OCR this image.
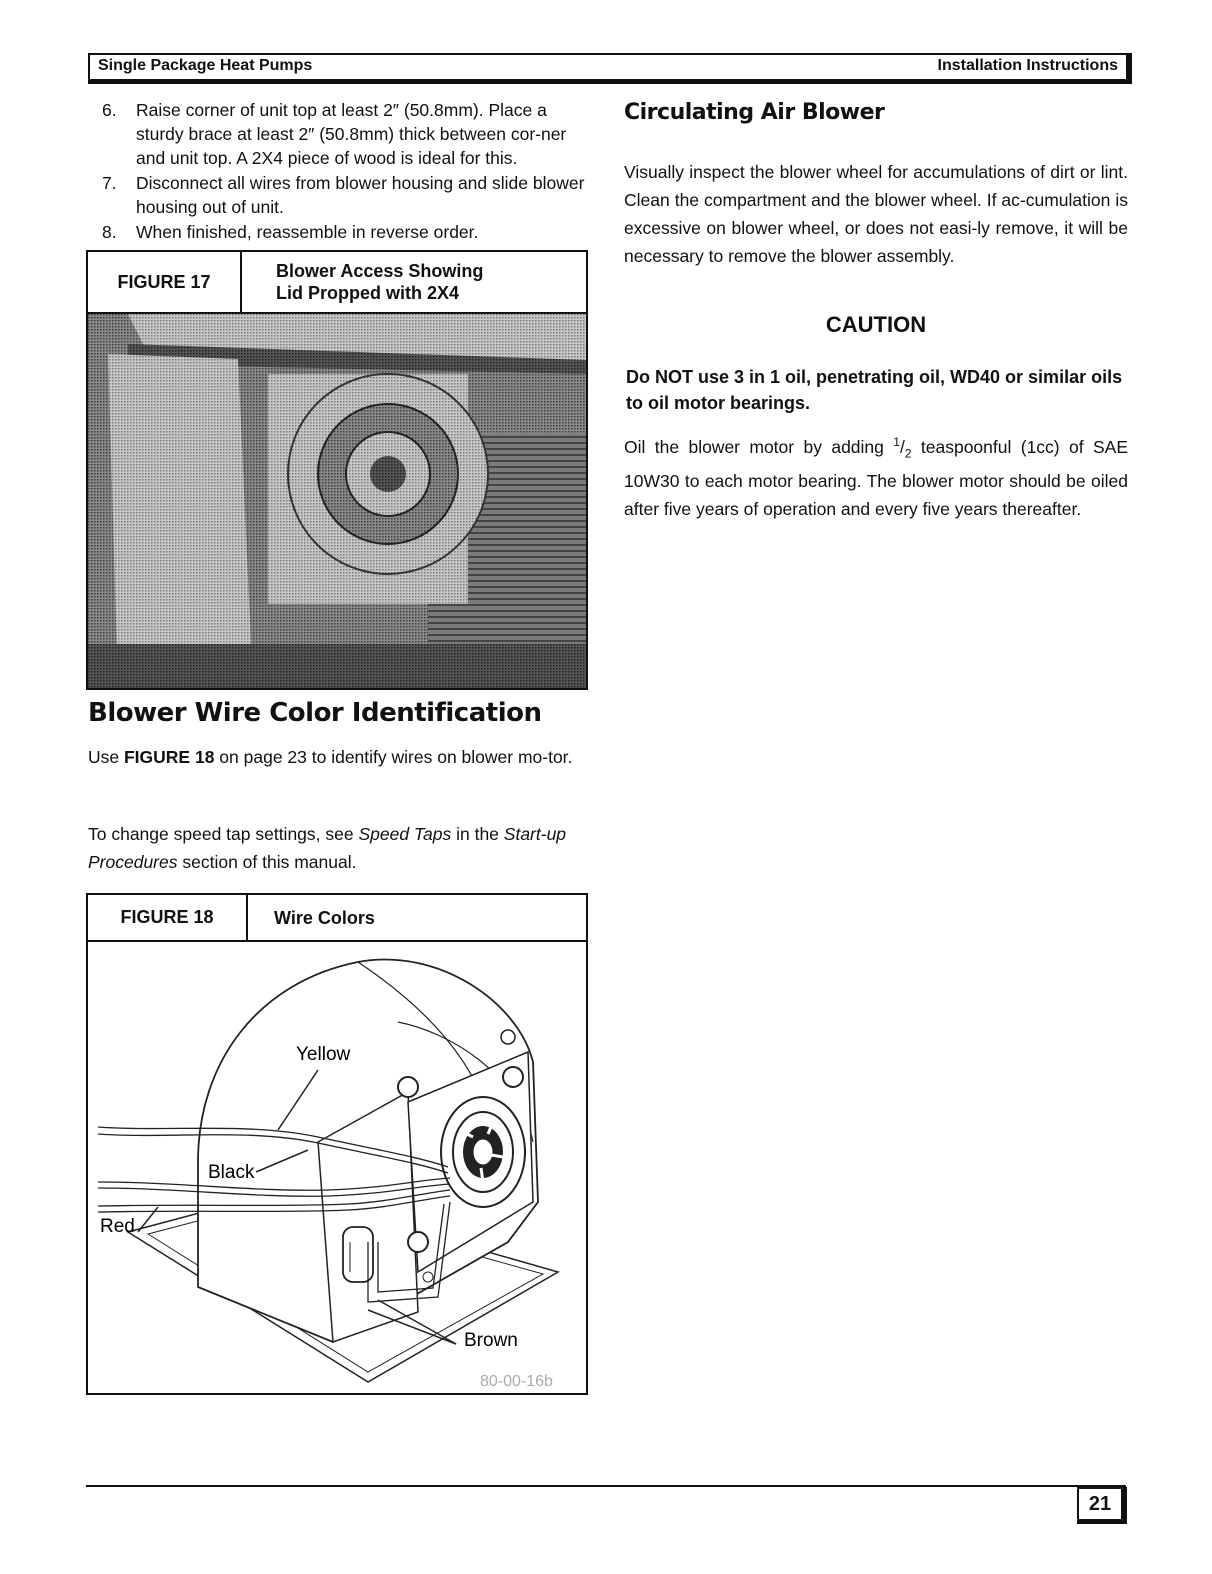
Single Package Heat Pumps	Installation Instructions
6. Raise corner of unit top at least 2″ (50.8mm). Place a sturdy brace at least 2″ (50.8mm) thick between cor-ner and unit top. A 2X4 piece of wood is ideal for this.
7. Disconnect all wires from blower housing and slide blower housing out of unit.
8. When finished, reassemble in reverse order.
FIGURE 17
Blower Access Showing
Lid Propped with 2X4
Blower Wire Color Identification
Use FIGURE 18 on page 23 to identify wires on blower mo-tor.
To change speed tap settings, see Speed Taps in the Start-up Procedures section of this manual.
FIGURE 18	Wire Colors
Yellow
Black
Red
Brown
80-00-16b
Circulating Air Blower
Visually inspect the blower wheel for accumulations of dirt or lint. Clean the compartment and the blower wheel. If ac-cumulation is excessive on blower wheel, or does not easi-ly remove, it will be necessary to remove the blower assembly.
CAUTION
Do NOT use 3 in 1 oil, penetrating oil, WD40 or similar oils to oil motor bearings.
Oil the blower motor by adding $^1/_2$ teaspoonful (1cc) of SAE 10W30 to each motor bearing. The blower motor should be oiled after five years of operation and every five years thereafter.
21
